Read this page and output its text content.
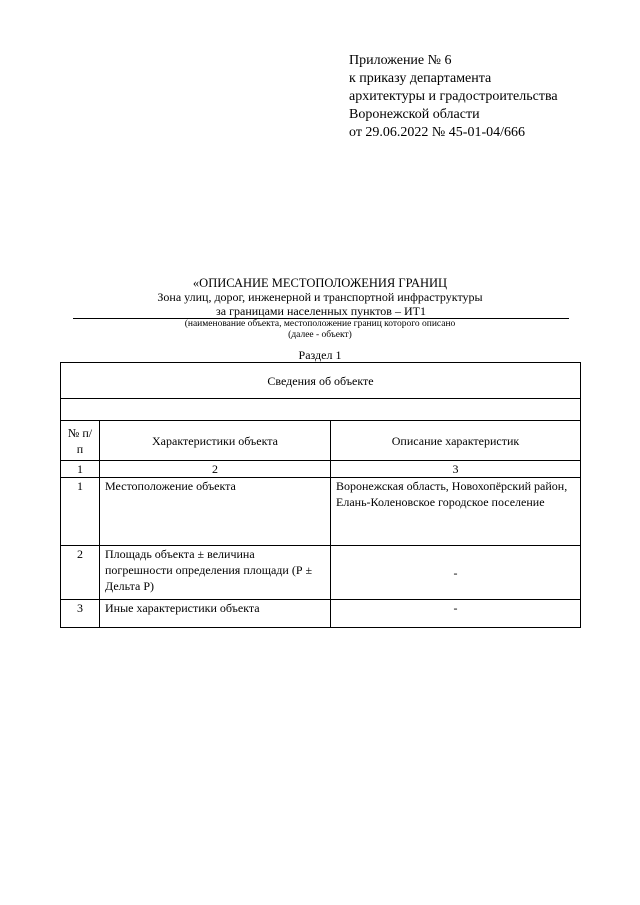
Приложение № 6
к приказу департамента
архитектуры и градостроительства
Воронежской области
от 29.06.2022 № 45-01-04/666
«ОПИСАНИЕ МЕСТОПОЛОЖЕНИЯ ГРАНИЦ
Зона улиц, дорог, инженерной и транспортной инфраструктуры
за границами населенных пунктов – ИТ1
(наименование объекта, местоположение границ которого описано
(далее - объект)
Раздел 1
Сведения об объекте		

№ п/п	Характеристики объекта	Описание характеристик
1	2	3
1	Местоположение объекта	Воронежская область, Новохопёрский район, Елань-Коленовское городское поселение
2	Площадь объекта ± величина погрешности определения площади (Р ± Дельта Р)	-
3	Иные характеристики объекта	-
